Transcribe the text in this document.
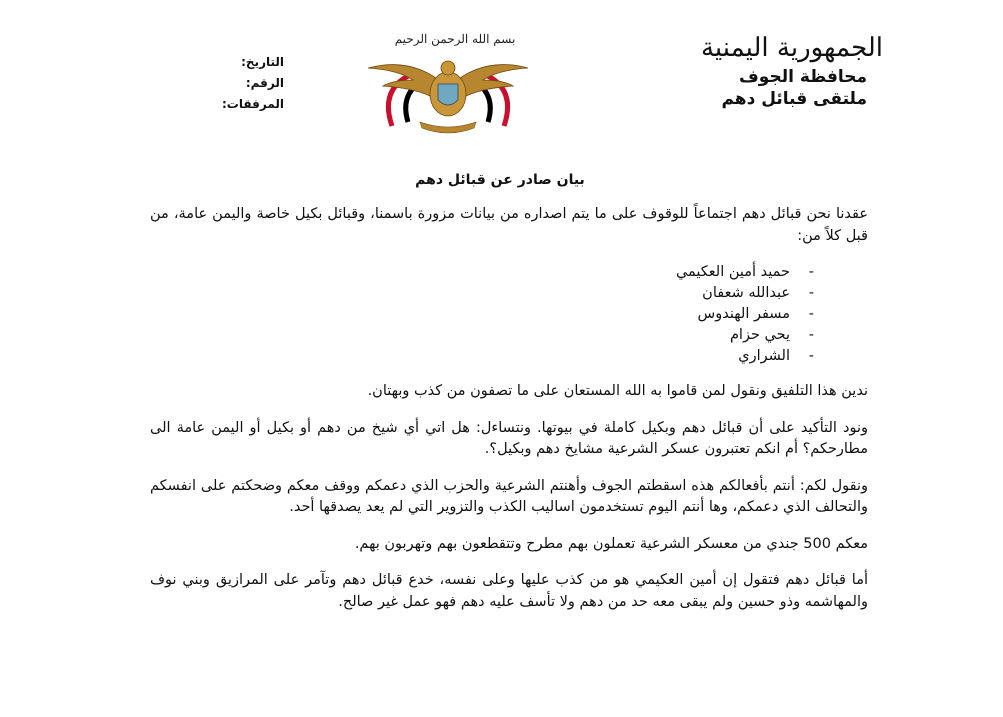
بسم الله الرحمن الرحيم
التاريخ:
الرقم:
المرفقات:
الجمهورية اليمنية
محافظة الجوف
ملتقى قبائل دهم
بيان صادر عن قبائل دهم

عقدنا نحن قبائل دهم اجتماعاً للوقوف على ما يتم اصداره من بيانات مزورة باسمنا، وقبائل بكيل خاصة واليمن عامة، من قبل كلاً من:

-
حميد أمين العكيمي
-
عبدالله شعفان
-
مسفر الهندوس
-
يحي حزام
-
الشراري

ندين هذا التلفيق ونقول لمن قاموا به الله المستعان على ما تصفون من كذب وبهتان.

ونود التأكيد على أن قبائل دهم وبكيل كاملة في بيوتها. ونتساءل: هل اتي أي شيخ من دهم أو بكيل أو اليمن عامة الى مطارحكم؟ أم انكم تعتبرون عسكر الشرعية مشايخ دهم وبكيل؟.

ونقول لكم: أنتم بأفعالكم هذه اسقطتم الجوف وأهنتم الشرعية والحزب الذي دعمكم ووقف معكم وضحكتم على انفسكم والتحالف الذي دعمكم، وها أنتم اليوم تستخدمون اساليب الكذب والتزوير التي لم يعد يصدقها أحد.

معكم 500 جندي من معسكر الشرعية تعملون بهم مطرح وتتقطعون بهم وتهربون بهم.

أما قبائل دهم فتقول إن أمين العكيمي هو من كذب عليها وعلى نفسه، خدع قبائل دهم وتآمر على المرازيق وبني نوف والمهاشمه وذو حسين ولم يبقى معه حد من دهم ولا تأسف عليه دهم فهو عمل غير صالح.
